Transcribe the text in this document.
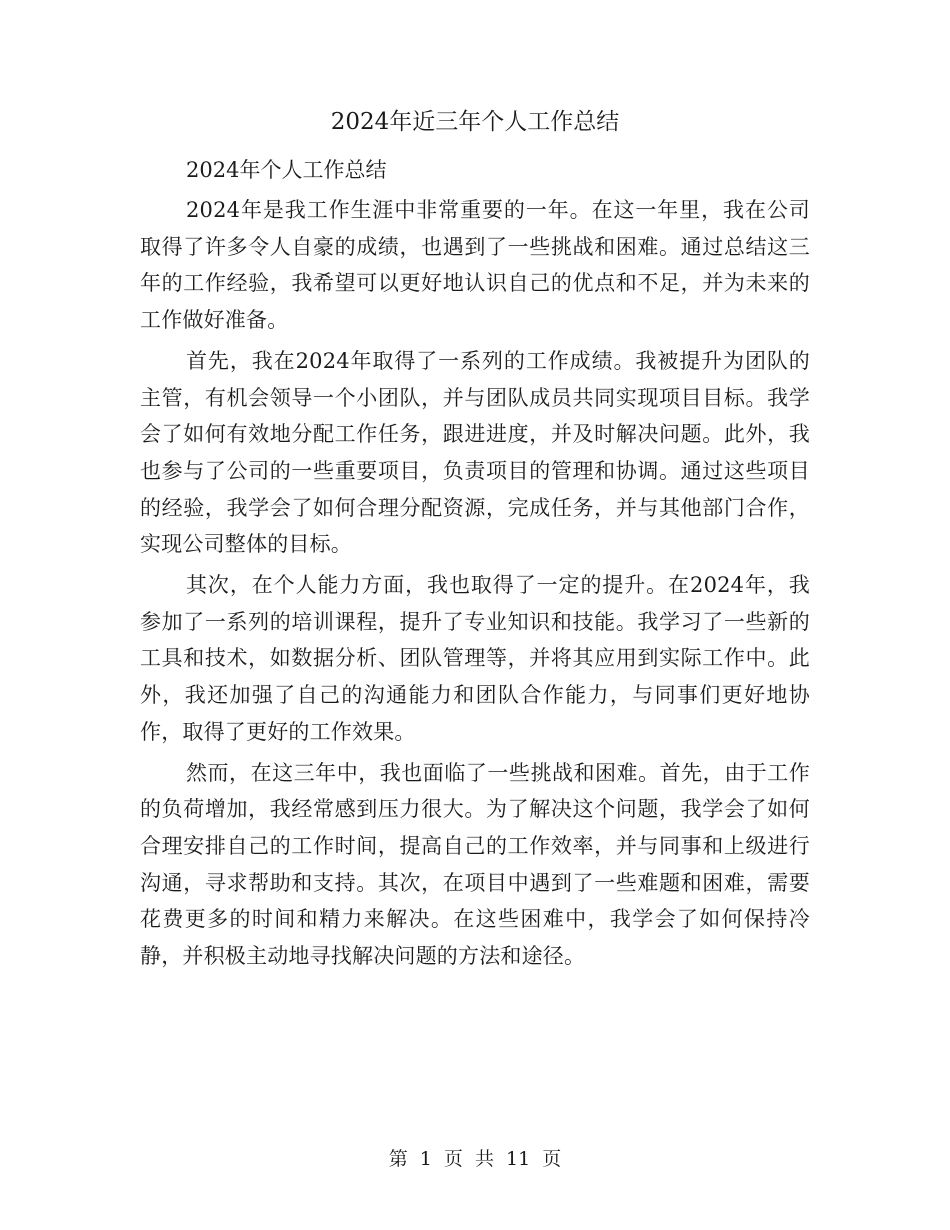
2024年近三年个人工作总结

2024年个人工作总结

2024年是我工作生涯中非常重要的一年。在这一年里，我在公司取得了许多令人自豪的成绩，也遇到了一些挑战和困难。通过总结这三年的工作经验，我希望可以更好地认识自己的优点和不足，并为未来的工作做好准备。

首先，我在2024年取得了一系列的工作成绩。我被提升为团队的主管，有机会领导一个小团队，并与团队成员共同实现项目目标。我学会了如何有效地分配工作任务，跟进进度，并及时解决问题。此外，我也参与了公司的一些重要项目，负责项目的管理和协调。通过这些项目的经验，我学会了如何合理分配资源，完成任务，并与其他部门合作，实现公司整体的目标。

其次，在个人能力方面，我也取得了一定的提升。在2024年，我参加了一系列的培训课程，提升了专业知识和技能。我学习了一些新的工具和技术，如数据分析、团队管理等，并将其应用到实际工作中。此外，我还加强了自己的沟通能力和团队合作能力，与同事们更好地协作，取得了更好的工作效果。

然而，在这三年中，我也面临了一些挑战和困难。首先，由于工作的负荷增加，我经常感到压力很大。为了解决这个问题，我学会了如何合理安排自己的工作时间，提高自己的工作效率，并与同事和上级进行沟通，寻求帮助和支持。其次，在项目中遇到了一些难题和困难，需要花费更多的时间和精力来解决。在这些困难中，我学会了如何保持冷静，并积极主动地寻找解决问题的方法和途径。

第 1 页 共 11 页
